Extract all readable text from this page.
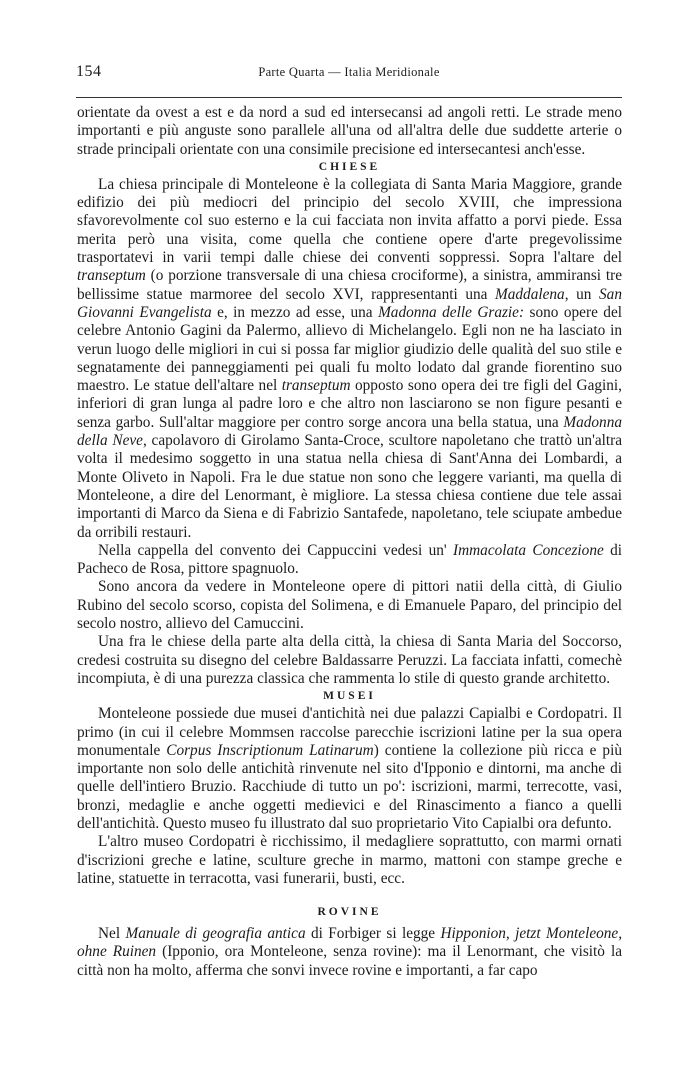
154	Parte Quarta — Italia Meridionale

orientate da ovest a est e da nord a sud ed intersecansi ad angoli retti. Le strade meno importanti e più anguste sono parallele all'una od all'altra delle due suddette arterie o strade principali orientate con una consimile precisione ed intersecantesi anch'esse.

CHIESE

La chiesa principale di Monteleone è la collegiata di Santa Maria Maggiore, grande edifizio dei più mediocri del principio del secolo XVIII, che impressiona sfavorevolmente col suo esterno e la cui facciata non invita affatto a porvi piede. Essa merita però una visita, come quella che contiene opere d'arte pregevolissime trasportatevi in varii tempi dalle chiese dei conventi soppressi. Sopra l'altare del transeptum (o porzione transversale di una chiesa crociforme), a sinistra, ammiransi tre bellissime statue marmoree del secolo XVI, rappresentanti una Maddalena, un San Giovanni Evangelista e, in mezzo ad esse, una Madonna delle Grazie: sono opere del celebre Antonio Gagini da Palermo, allievo di Michelangelo. Egli non ne ha lasciato in verun luogo delle migliori in cui si possa far miglior giudizio delle qualità del suo stile e segnatamente dei panneggiamenti pei quali fu molto lodato dal grande fiorentino suo maestro. Le statue dell'altare nel transeptum opposto sono opera dei tre figli del Gagini, inferiori di gran lunga al padre loro e che altro non lasciarono se non figure pesanti e senza garbo. Sull'altar maggiore per contro sorge ancora una bella statua, una Madonna della Neve, capolavoro di Girolamo Santa-Croce, scultore napoletano che trattò un'altra volta il medesimo soggetto in una statua nella chiesa di Sant'Anna dei Lombardi, a Monte Oliveto in Napoli. Fra le due statue non sono che leggere varianti, ma quella di Monteleone, a dire del Lenormant, è migliore. La stessa chiesa contiene due tele assai importanti di Marco da Siena e di Fabrizio Santafede, napoletano, tele sciupate ambedue da orribili restauri.

Nella cappella del convento dei Cappuccini vedesi un' Immacolata Concezione di Pacheco de Rosa, pittore spagnuolo.

Sono ancora da vedere in Monteleone opere di pittori natii della città, di Giulio Rubino del secolo scorso, copista del Solimena, e di Emanuele Paparo, del principio del secolo nostro, allievo del Camuccini.

Una fra le chiese della parte alta della città, la chiesa di Santa Maria del Soccorso, credesi costruita su disegno del celebre Baldassarre Peruzzi. La facciata infatti, comechè incompiuta, è di una purezza classica che rammenta lo stile di questo grande architetto.

MUSEI

Monteleone possiede due musei d'antichità nei due palazzi Capialbi e Cordopatri. Il primo (in cui il celebre Mommsen raccolse parecchie iscrizioni latine per la sua opera monumentale Corpus Inscriptionum Latinarum) contiene la collezione più ricca e più importante non solo delle antichità rinvenute nel sito d'Ipponio e dintorni, ma anche di quelle dell'intiero Bruzio. Racchiude di tutto un po': iscrizioni, marmi, terrecotte, vasi, bronzi, medaglie e anche oggetti medievici e del Rinascimento a fianco a quelli dell'antichità. Questo museo fu illustrato dal suo proprietario Vito Capialbi ora defunto.

L'altro museo Cordopatri è ricchissimo, il medagliere soprattutto, con marmi ornati d'iscrizioni greche e latine, sculture greche in marmo, mattoni con stampe greche e latine, statuette in terracotta, vasi funerarii, busti, ecc.

ROVINE

Nel Manuale di geografia antica di Forbiger si legge Hipponion, jetzt Monteleone, ohne Ruinen (Ipponio, ora Monteleone, senza rovine): ma il Lenormant, che visitò la città non ha molto, afferma che sonvi invece rovine e importanti, a far capo
